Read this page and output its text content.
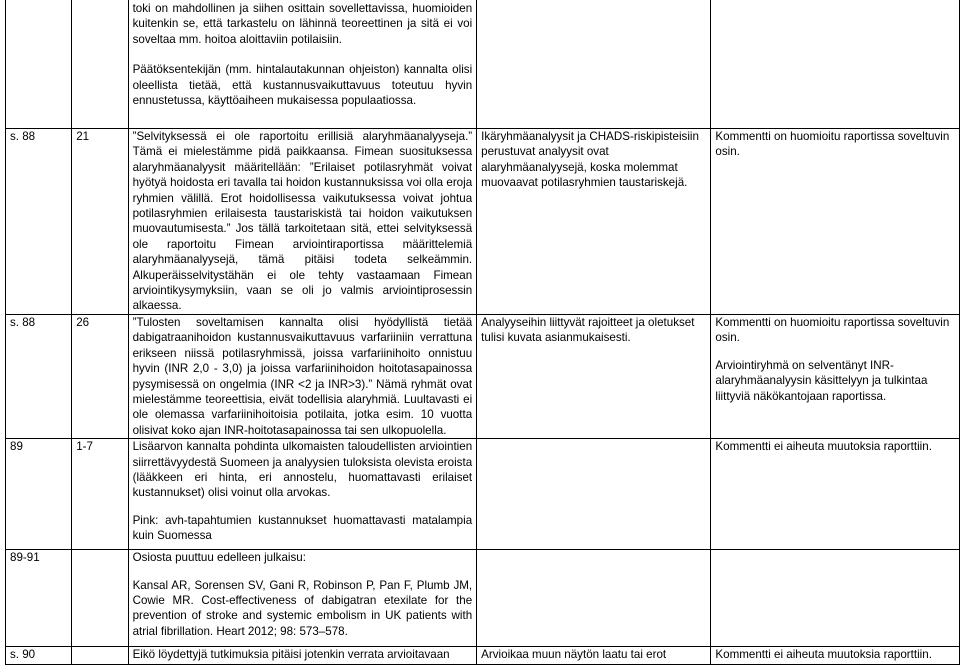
		toki on mahdollinen ja siihen osittain sovellettavissa, huomioiden kuitenkin se, että tarkastelu on lähinnä teoreettinen ja sitä ei voi soveltaa mm. hoitoa aloittaviin potilaisiin.
Päätöksentekijän (mm. hintalautakunnan ohjeiston) kannalta olisi oleellista tietää, että kustannusvaikuttavuus toteutuu hyvin ennustetussa, käyttöaiheen mukaisessa populaatiossa.		

s. 88	21	”Selvityksessä ei ole raportoitu erillisiä alaryhmäanalyyseja.” Tämä ei mielestämme pidä paikkaansa. Fimean suosituksessa alaryhmäanalyysit määritellään: ”Erilaiset potilasryhmät voivat hyötyä hoidosta eri tavalla tai hoidon kustannuksissa voi olla eroja ryhmien välillä. Erot hoidollisessa vaikutuksessa voivat johtua potilasryhmien erilaisesta taustariskistä tai hoidon vaikutuksen muovautumisesta.” Jos tällä tarkoitetaan sitä, ettei selvityksessä ole raportoitu Fimean arviointiraportissa määrittelemiä alaryhmäanalyysejä, tämä pitäisi todeta selkeämmin. Alkuperäisselvitystähän ei ole tehty vastaamaan Fimean arviointikysymyksiin, vaan se oli jo valmis arviointiprosessin alkaessa.	Ikäryhmäanalyysit ja CHADS-riskipisteisiin perustuvat analyysit ovat alaryhmäanalyysejä, koska molemmat muovaavat potilasryhmien taustariskejä.	Kommentti on huomioitu raportissa soveltuvin osin.

s. 88	26	”Tulosten soveltamisen kannalta olisi hyödyllistä tietää dabigatraanihoidon kustannusvaikuttavuus varfariiniin verrattuna erikseen niissä potilasryhmissä, joissa varfariinihoito onnistuu hyvin (INR 2,0 - 3,0) ja joissa varfariinihoidon hoitotasapainossa pysymisessä on ongelmia (INR <2 ja INR>3).” Nämä ryhmät ovat mielestämme teoreettisia, eivät todellisia alaryhmiä. Luultavasti ei ole olemassa varfariinihoitoisia potilaita, jotka esim. 10 vuotta olisivat koko ajan INR-hoitotasapainossa tai sen ulkopuolella.	Analyyseihin liittyvät rajoitteet ja oletukset tulisi kuvata asianmukaisesti.	Kommentti on huomioitu raportissa soveltuvin osin.
Arviointiryhmä on selventänyt INR-alaryhmäanalyysin käsittelyyn ja tulkintaa liittyviä näkökantojaan raportissa.

89	1-7	Lisäarvon kannalta pohdinta ulkomaisten taloudellisten arviointien siirrettävyydestä Suomeen ja analyysien tuloksista olevista eroista (lääkkeen eri hinta, eri annostelu, huomattavasti erilaiset kustannukset) olisi voinut olla arvokas.
Pink: avh-tapahtumien kustannukset huomattavasti matalampia kuin Suomessa		Kommentti ei aiheuta muutoksia raporttiin.

89-91		Osiosta puuttuu edelleen julkaisu:
Kansal AR, Sorensen SV, Gani R, Robinson P, Pan F, Plumb JM, Cowie MR. Cost-effectiveness of dabigatran etexilate for the prevention of stroke and systemic embolism in UK patients with atrial fibrillation. Heart 2012; 98: 573–578.		

s. 90		Eikö löydettyjä tutkimuksia pitäisi jotenkin verrata arvioitavaan	Arvioikaa muun näytön laatu tai erot	Kommentti ei aiheuta muutoksia raporttiin.
